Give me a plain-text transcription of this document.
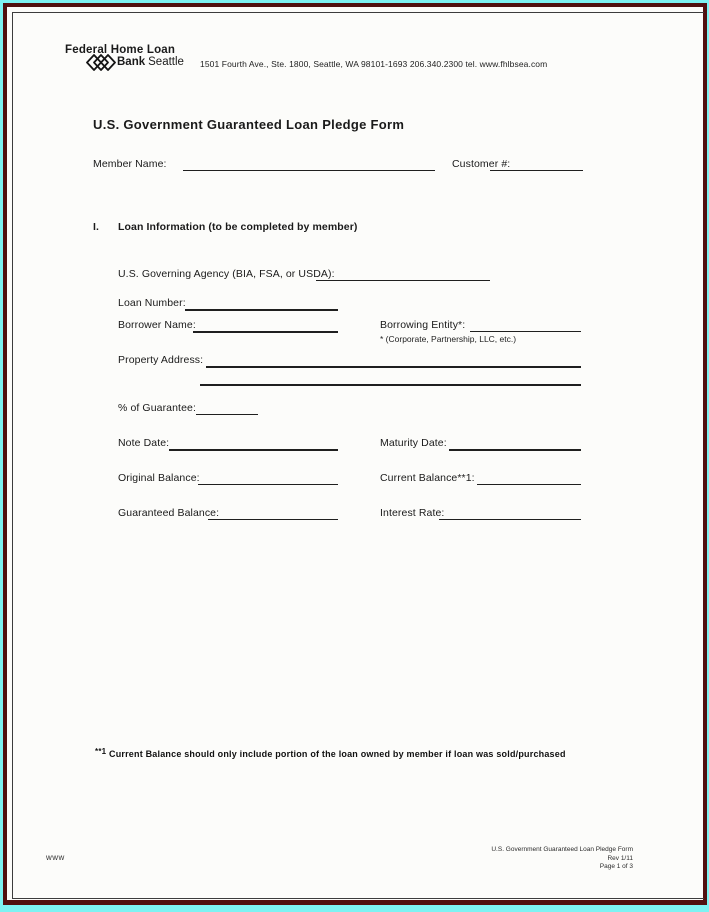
Federal Home Loan
Bank Seattle 1501 Fourth Ave., Ste. 1800, Seattle, WA 98101-1693 206.340.2300 tel. www.fhlbsea.com
U.S. Government Guaranteed Loan Pledge Form
Member Name:	Customer #:
I. Loan Information (to be completed by member)
U.S. Governing Agency (BIA, FSA, or USDA):
Loan Number:
Borrower Name:	Borrowing Entity*:
* (Corporate, Partnership, LLC, etc.)
Property Address:
% of Guarantee:
Note Date:	Maturity Date:
Original Balance:	Current Balance**1:
Guaranteed Balance:	Interest Rate:
**1 Current Balance should only include portion of the loan owned by member if loan was sold/purchased
www
U.S. Government Guaranteed Loan Pledge Form
Rev 1/11
Page 1 of 3
